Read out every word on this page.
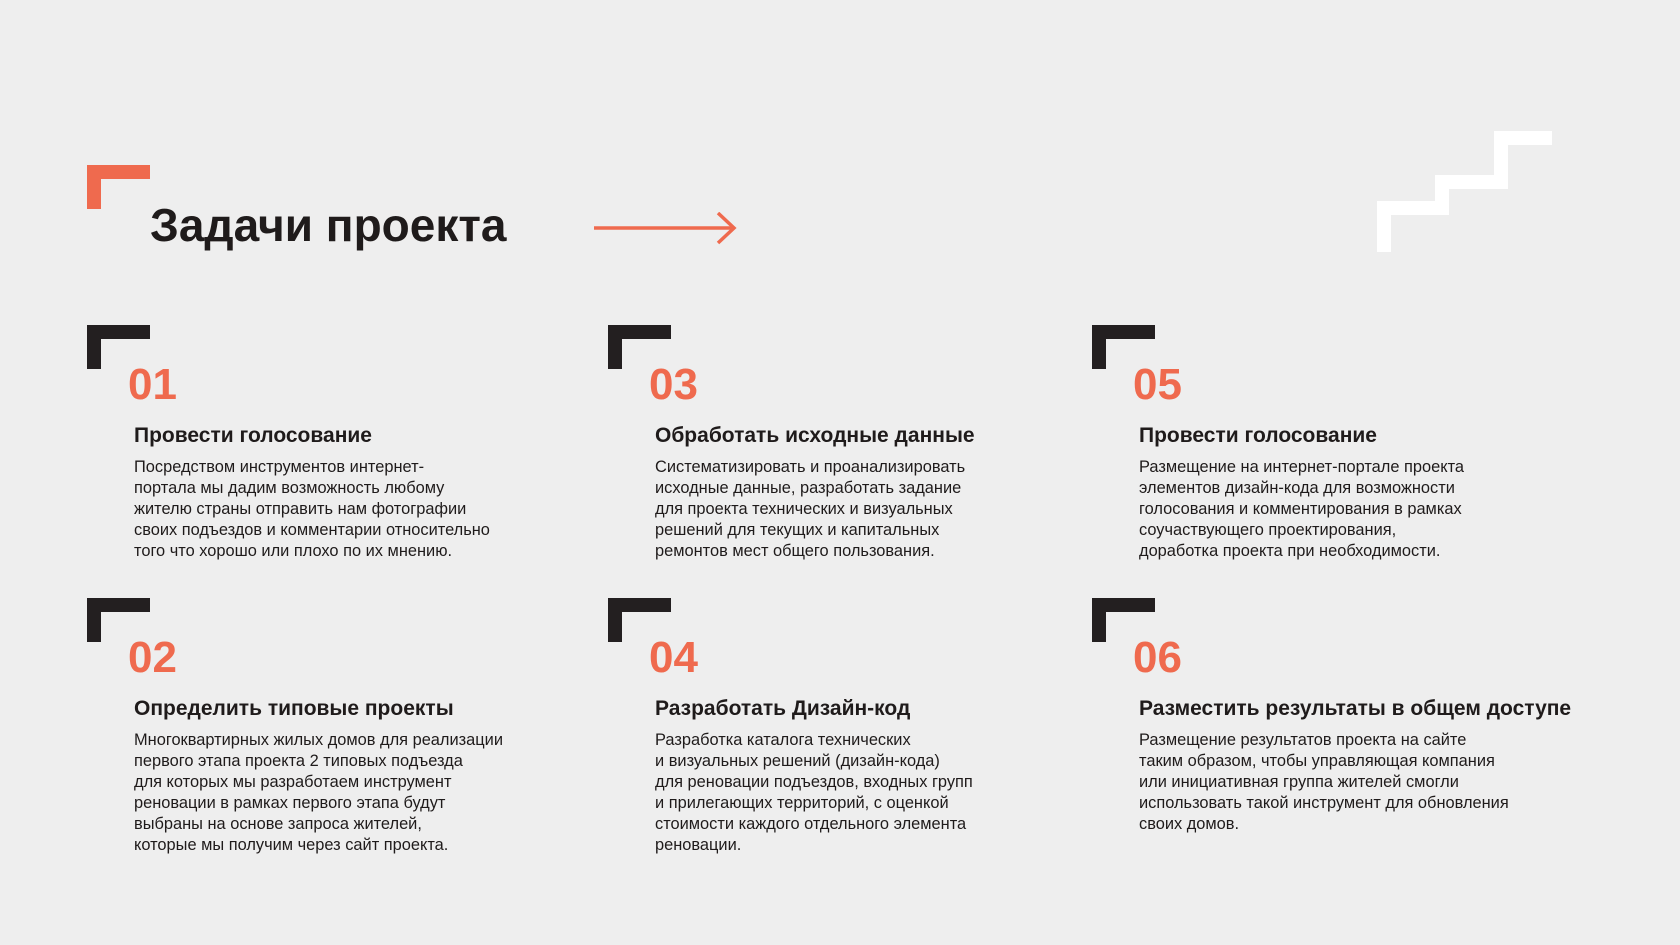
Задачи проекта
01
Провести голосование

Посредством инструментов интернет-
портала мы дадим возможность любому
жителю страны отправить нам фотографии
своих подъездов и комментарии относительно
того что хорошо или плохо по их мнению.

02
Определить типовые проекты

Многоквартирных жилых домов для реализации
первого этапа проекта 2 типовых подъезда
для которых мы разработаем инструмент
реновации в рамках первого этапа будут
выбраны на основе запроса жителей,
которые мы получим через сайт проекта.

03
Обработать исходные данные

Систематизировать и проанализировать
исходные данные, разработать задание
для проекта технических и визуальных
решений для текущих и капитальных
ремонтов мест общего пользования.

04
Разработать Дизайн-код

Разработка каталога технических
и визуальных решений (дизайн-кода)
для реновации подъездов, входных групп
и прилегающих территорий, с оценкой
стоимости каждого отдельного элемента
реновации.

05
Провести голосование

Размещение на интернет-портале проекта
элементов дизайн-кода для возможности
голосования и комментирования в рамках
соучаствующего проектирования,
доработка проекта при необходимости.

06
Разместить результаты в общем доступе

Размещение результатов проекта на сайте
таким образом, чтобы управляющая компания
или инициативная группа жителей смогли
использовать такой инструмент для обновления
своих домов.
